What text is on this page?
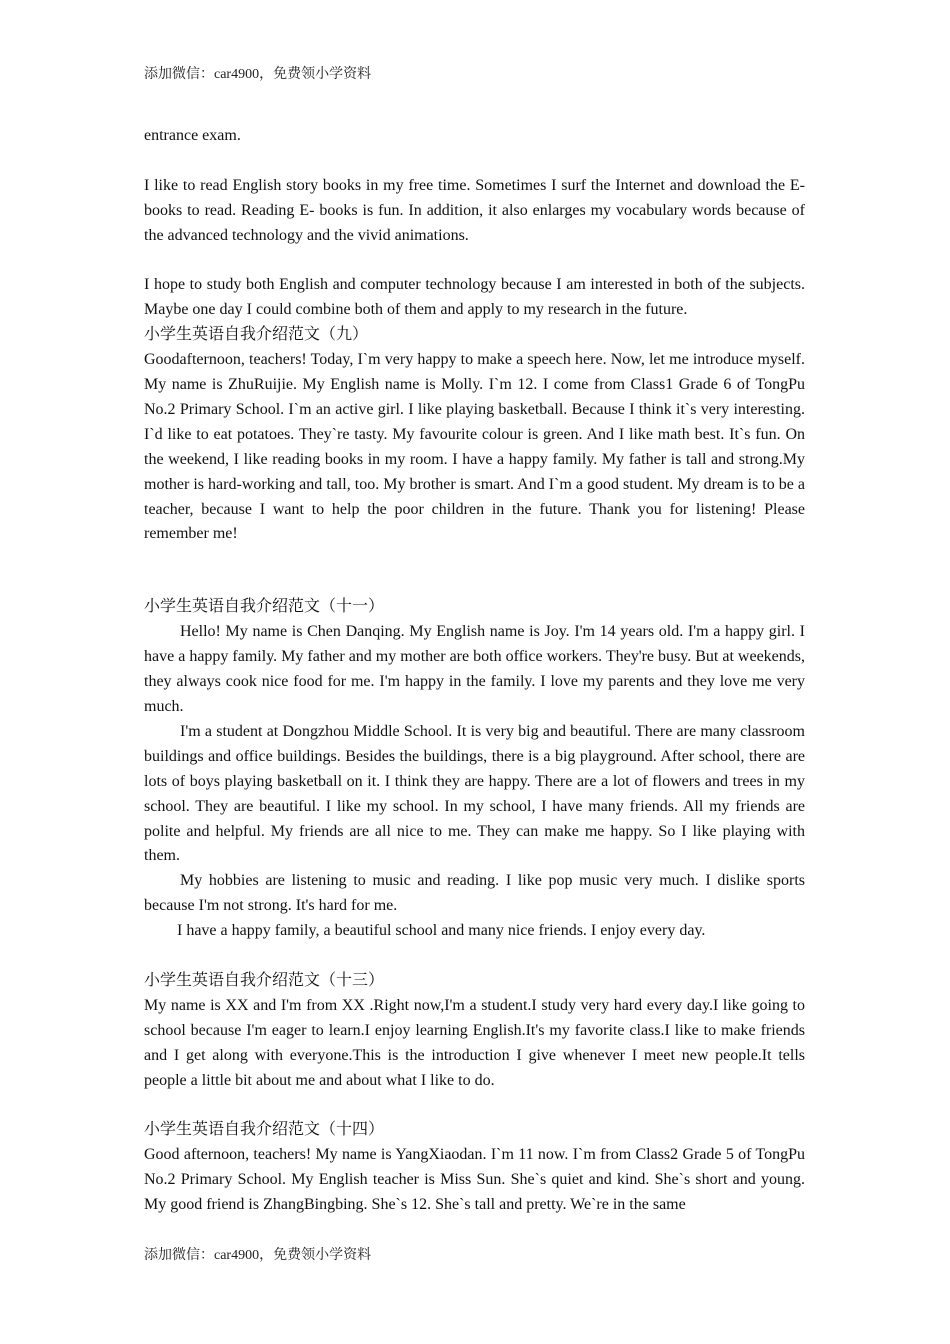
添加微信：car4900，免费领小学资料

entrance exam.

I like to read English story books in my free time. Sometimes I surf the Internet and download the E- books to read. Reading E- books is fun. In addition, it also enlarges my vocabulary words because of the advanced technology and the vivid animations.

I hope to study both English and computer technology because I am interested in both of the subjects. Maybe one day I could combine both of them and apply to my research in the future.

小学生英语自我介绍范文（九）

Goodafternoon, teachers! Today, I`m very happy to make a speech here. Now, let me introduce myself. My name is ZhuRuijie. My English name is Molly. I`m 12. I come from Class1 Grade 6 of TongPu No.2 Primary School. I`m an active girl. I like playing basketball. Because I think it`s very interesting. I`d like to eat potatoes. They`re tasty. My favourite colour is green. And I like math best. It`s fun. On the weekend, I like reading books in my room. I have a happy family. My father is tall and strong.My mother is hard-working and tall, too. My brother is smart. And I`m a good student. My dream is to be a teacher, because I want to help the poor children in the future. Thank you for listening! Please remember me!

小学生英语自我介绍范文（十一）

Hello! My name is Chen Danqing. My English name is Joy. I'm 14 years old. I'm a happy girl. I have a happy family. My father and my mother are both office workers. They're busy. But at weekends, they always cook nice food for me. I'm happy in the family. I love my parents and they love me very much.

I'm a student at Dongzhou Middle School. It is very big and beautiful. There are many classroom buildings and office buildings. Besides the buildings, there is a big playground. After school, there are lots of boys playing basketball on it. I think they are happy. There are a lot of flowers and trees in my school. They are beautiful. I like my school. In my school, I have many friends. All my friends are polite and helpful. My friends are all nice to me. They can make me happy. So I like playing with them.

My hobbies are listening to music and reading. I like pop music very much. I dislike sports because I'm not strong. It's hard for me.

I have a happy family, a beautiful school and many nice friends. I enjoy every day.

小学生英语自我介绍范文（十三）

My name is XX and I'm from XX .Right now,I'm a student.I study very hard every day.I like going to school because I'm eager to learn.I enjoy learning English.It's my favorite class.I like to make friends and I get along with everyone.This is the introduction I give whenever I meet new people.It tells people a little bit about me and about what I like to do.

小学生英语自我介绍范文（十四）

Good afternoon, teachers! My name is YangXiaodan. I`m 11 now. I`m from Class2 Grade 5 of TongPu No.2 Primary School. My English teacher is Miss Sun. She`s quiet and kind. She`s short and young. My good friend is ZhangBingbing. She`s 12. She`s tall and pretty. We`re in the same

添加微信：car4900，免费领小学资料
